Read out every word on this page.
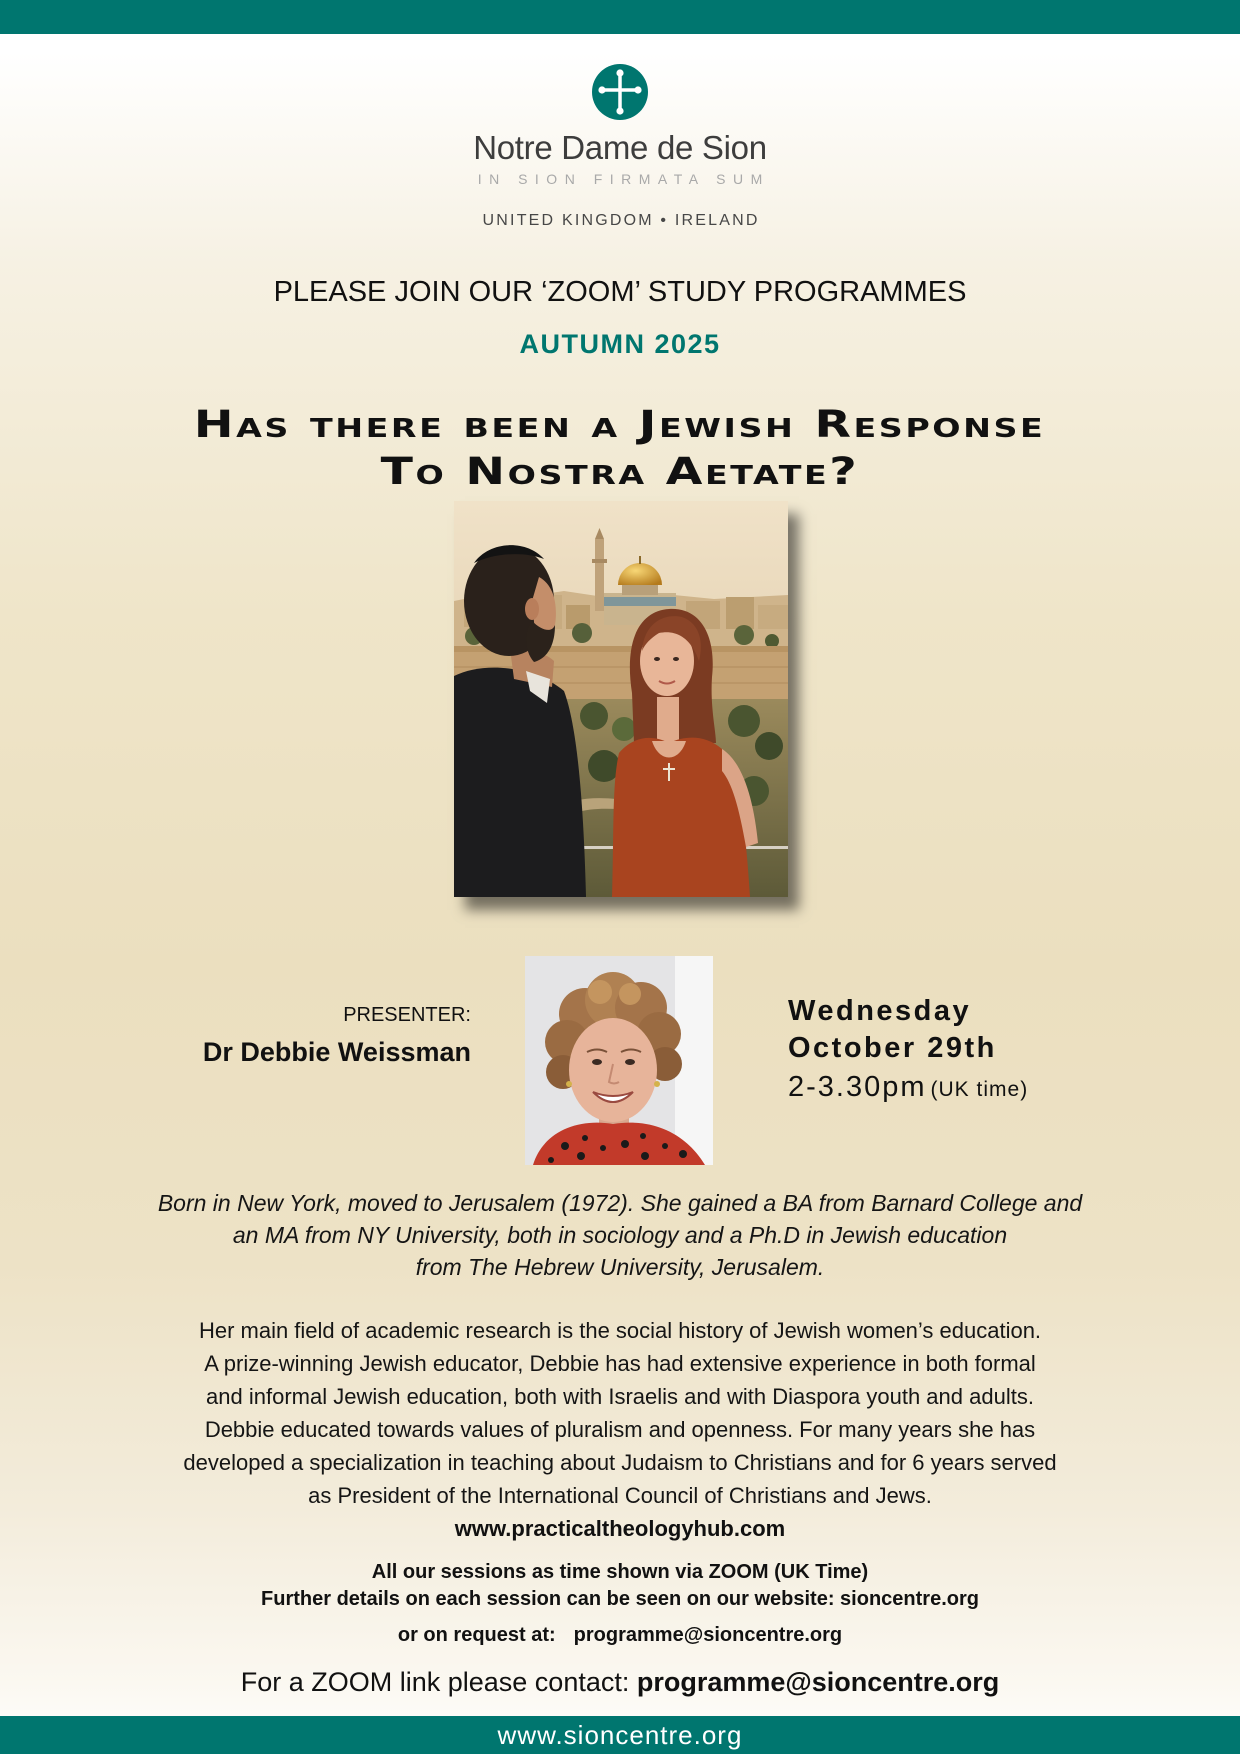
Notre Dame de Sion
IN SION FIRMATA SUM
UNITED KINGDOM • IRELAND
PLEASE JOIN OUR ‘ZOOM’ STUDY PROGRAMMES
AUTUMN 2025
Has there been a Jewish Response
To Nostra Aetate?
PRESENTER:
Dr Debbie Weissman
Wednesday
October 29th
2-3.30pm (UK time)
Born in New York, moved to Jerusalem (1972). She gained a BA from Barnard College and
an MA from NY University, both in sociology and a Ph.D in Jewish education
from The Hebrew University, Jerusalem.
Her main field of academic research is the social history of Jewish women’s education.
A prize-winning Jewish educator, Debbie has had extensive experience in both formal
and informal Jewish education, both with Israelis and with Diaspora youth and adults.
Debbie educated towards values of pluralism and openness. For many years she has
developed a specialization in teaching about Judaism to Christians and for 6 years served
as President of the International Council of Christians and Jews.
www.practicaltheologyhub.com
All our sessions as time shown via ZOOM (UK Time)
Further details on each session can be seen on our website: sioncentre.org
or on request at: programme@sioncentre.org
For a ZOOM link please contact: programme@sioncentre.org
www.sioncentre.org
